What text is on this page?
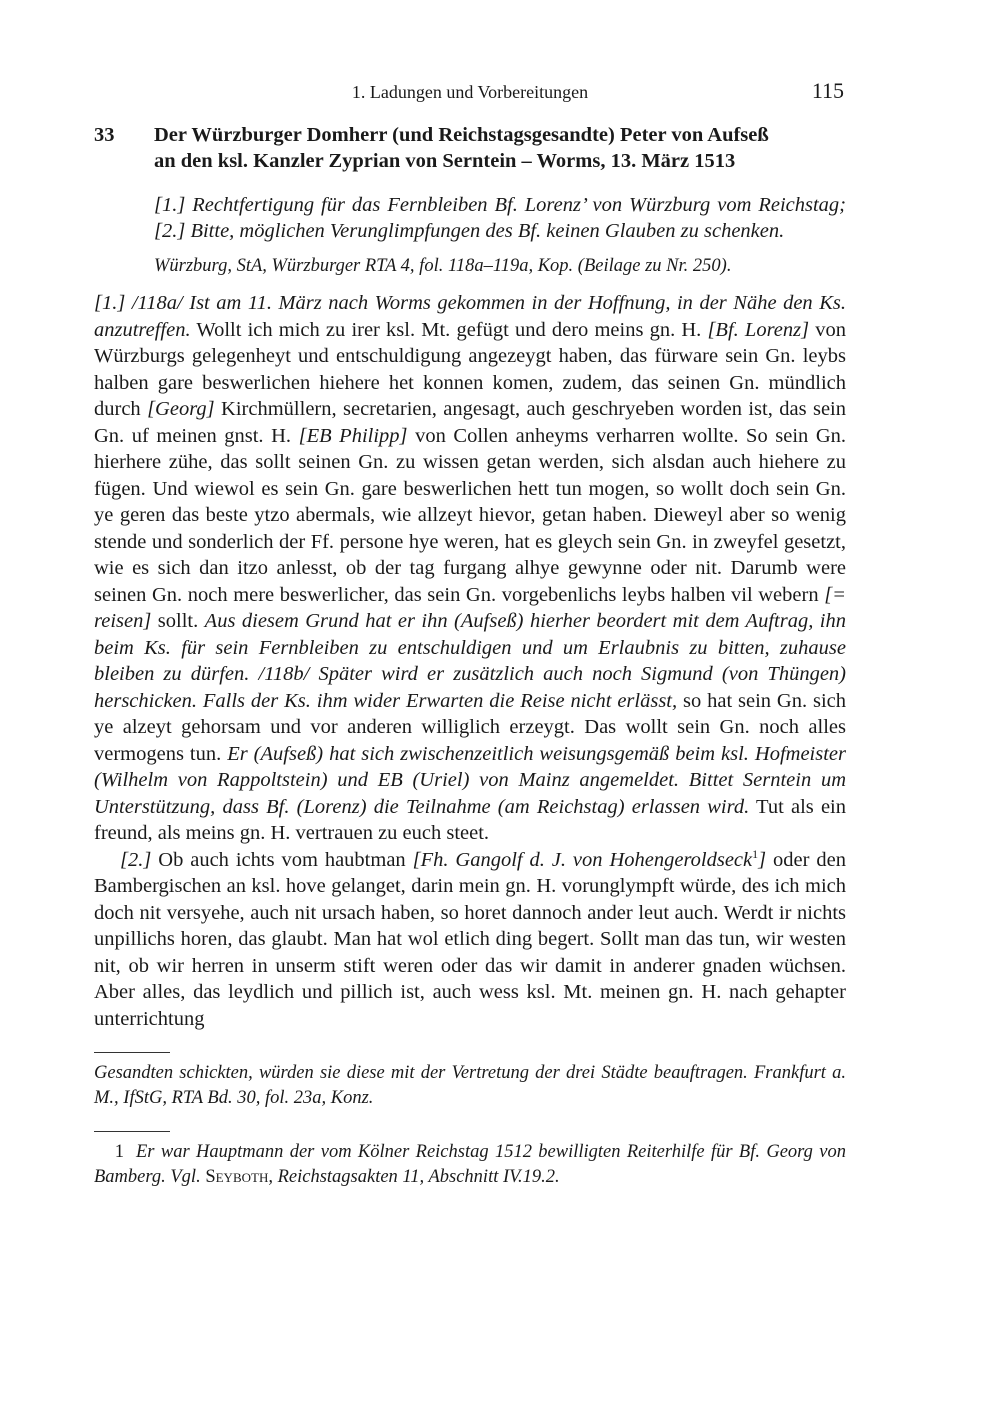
1. Ladungen und Vorbereitungen	115
33	Der Würzburger Domherr (und Reichstagsgesandte) Peter von Aufseß
an den ksl. Kanzler Zyprian von Serntein – Worms, 13. März 1513
[1.] Rechtfertigung für das Fernbleiben Bf. Lorenz’ von Würzburg vom Reichstag; [2.] Bitte, möglichen Verunglimpfungen des Bf. keinen Glauben zu schenken.
Würzburg, StA, Würzburger RTA 4, fol. 118a–119a, Kop. (Beilage zu Nr. 250).

[1.] /118a/ Ist am 11. März nach Worms gekommen in der Hoffnung, in der Nähe den Ks. anzutreffen. Wollt ich mich zu irer ksl. Mt. gefügt und dero meins gn. H. [Bf. Lorenz] von Würzburgs gelegenheyt und entschuldigung angezeygt haben, das fürware sein Gn. leybs halben gare beswerlichen hiehere het konnen komen, zudem, das seinen Gn. mündlich durch [Georg] Kirchmüllern, secretarien, angesagt, auch geschryeben worden ist, das sein Gn. uf meinen gnst. H. [EB Philipp] von Collen anheyms verharren wollte. So sein Gn. hierhere zühe, das sollt seinen Gn. zu wissen getan werden, sich alsdan auch hiehere zu fügen. Und wiewol es sein Gn. gare beswerlichen hett tun mogen, so wollt doch sein Gn. ye geren das beste ytzo abermals, wie allzeyt hievor, getan haben. Dieweyl aber so wenig stende und sonderlich der Ff. persone hye weren, hat es gleych sein Gn. in zweyfel gesetzt, wie es sich dan itzo anlesst, ob der tag furgang alhye gewynne oder nit. Darumb were seinen Gn. noch mere beswerlicher, das sein Gn. vorgebenlichs leybs halben vil webern [= reisen] sollt. Aus diesem Grund hat er ihn (Aufseß) hierher beordert mit dem Auftrag, ihn beim Ks. für sein Fernbleiben zu entschuldigen und um Erlaubnis zu bitten, zuhause bleiben zu dürfen. /118b/ Später wird er zusätzlich auch noch Sigmund (von Thüngen) herschicken. Falls der Ks. ihm wider Erwarten die Reise nicht erlässt, so hat sein Gn. sich ye alzeyt gehorsam und vor anderen williglich erzeygt. Das wollt sein Gn. noch alles vermogens tun. Er (Aufseß) hat sich zwischenzeitlich weisungsgemäß beim ksl. Hofmeister (Wilhelm von Rappoltstein) und EB (Uriel) von Mainz angemeldet. Bittet Serntein um Unterstützung, dass Bf. (Lorenz) die Teilnahme (am Reichstag) erlassen wird. Tut als ein freund, als meins gn. H. vertrauen zu euch steet.

[2.] Ob auch ichts vom haubtman [Fh. Gangolf d. J. von Hohengeroldseck$^1$] oder den Bambergischen an ksl. hove gelanget, darin mein gn. H. vorunglympft würde, des ich mich doch nit versyehe, auch nit ursach haben, so horet dannoch ander leut auch. Werdt ir nichts unpillichs horen, das glaubt. Man hat wol etlich ding begert. Sollt man das tun, wir westen nit, ob wir herren in unserm stift weren oder das wir damit in anderer gnaden wüchsen. Aber alles, das leydlich und pillich ist, auch wess ksl. Mt. meinen gn. H. nach gehapter unterrichtung

Gesandten schickten, würden sie diese mit der Vertretung der drei Städte beauftragen. Frankfurt a. M., IfStG, RTA Bd. 30, fol. 23a, Konz.
1 Er war Hauptmann der vom Kölner Reichstag 1512 bewilligten Reiterhilfe für Bf. Georg von Bamberg. Vgl. Seyboth, Reichstagsakten 11, Abschnitt IV.19.2.
